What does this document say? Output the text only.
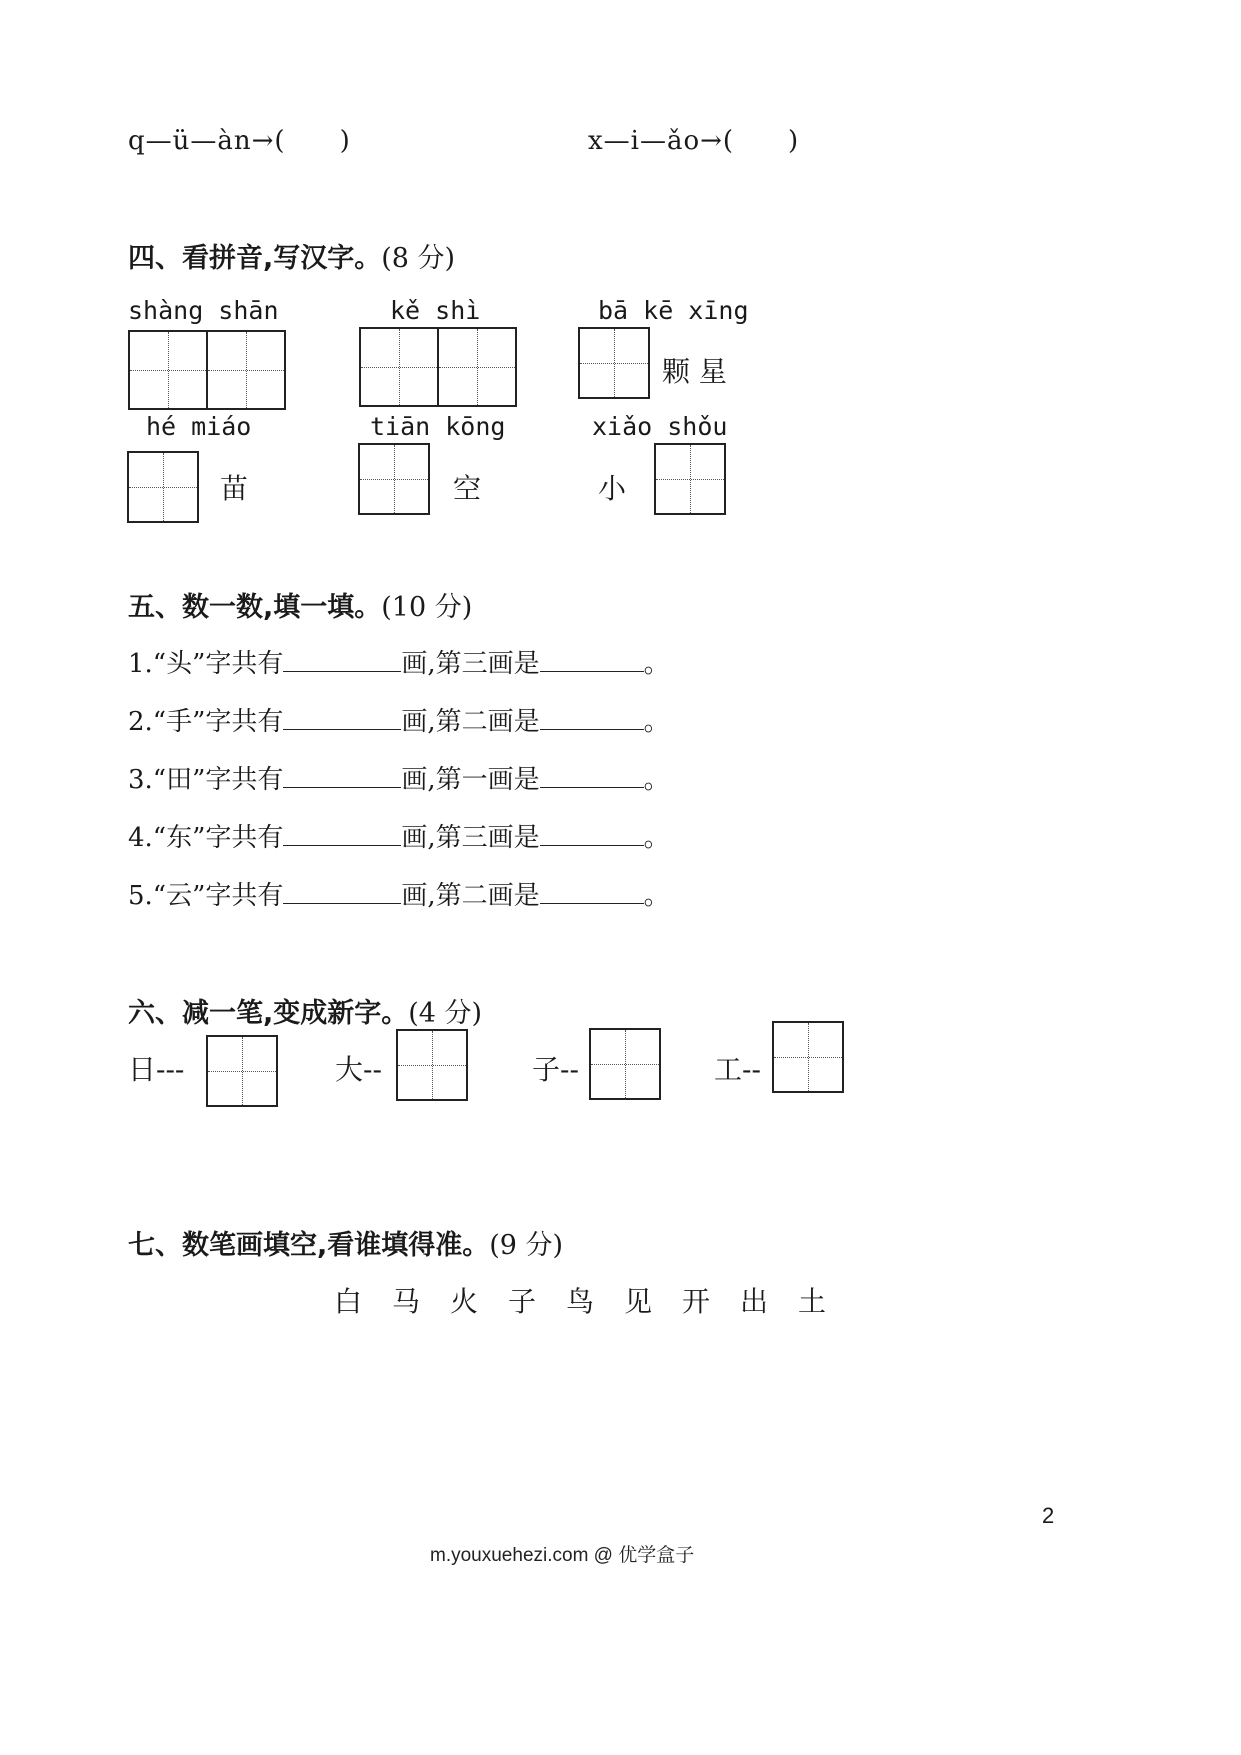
q—ü—àn→(　　)	x—i—ǎo→(　　)
四、看拼音,写汉字。(8 分)
shàng shān	kě shì	bā kē xīng
颗 星
hé miáo
苗
tiān kōng
空
xiǎo shǒu
小
五、数一数,填一填。(10 分)
1.“头”字共有	画,第三画是	。
2.“手”字共有	画,第二画是	。
3.“田”字共有	画,第一画是	。
4.“东”字共有	画,第三画是	。
5.“云”字共有	画,第二画是	。
六、减一笔,变成新字。(4 分)
日---	大--	子--	工--
七、数笔画填空,看谁填得准。(9 分)
白 马 火 子 鸟 见 开 出 土
2
m.youxuehezi.com @ 优学盒子
